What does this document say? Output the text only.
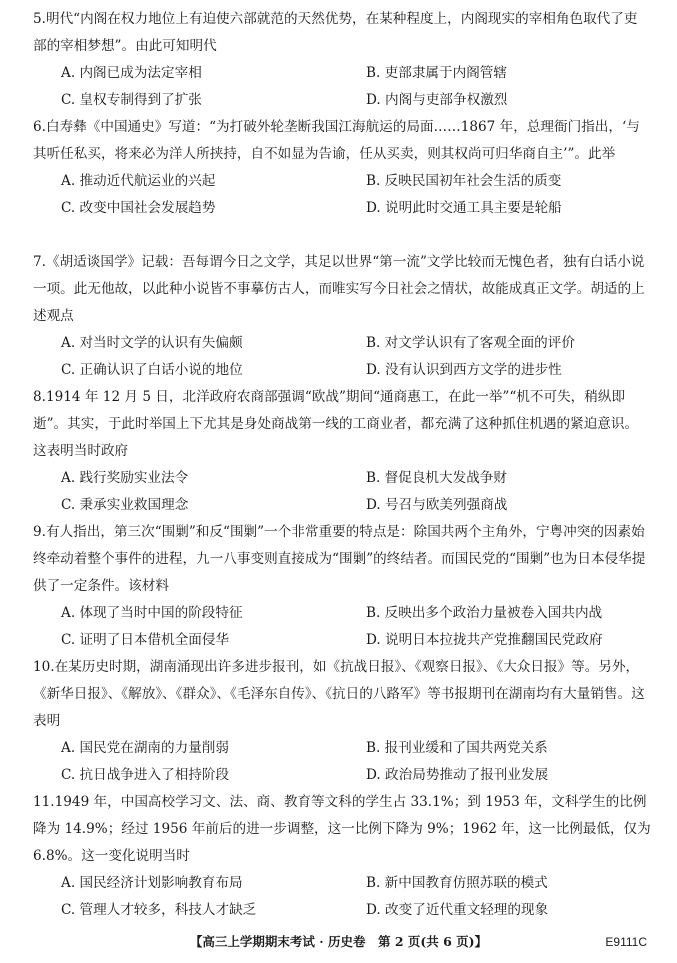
5.明代“内阁在权力地位上有迫使六部就范的天然优势，在某种程度上，内阁现实的宰相角色取代了吏部的宰相梦想”。由此可知明代
A. 内阁已成为法定宰相	B. 吏部隶属于内阁管辖
C. 皇权专制得到了扩张	D. 内阁与吏部争权激烈
6.白寿彝《中国通史》写道：“为打破外轮垄断我国江海航运的局面……1867 年，总理衙门指出，‘与其听任私买，将来必为洋人所挟持，自不如显为告谕，任从买卖，则其权尚可归华商自主’”。此举
A. 推动近代航运业的兴起	B. 反映民国初年社会生活的质变
C. 改变中国社会发展趋势	D. 说明此时交通工具主要是轮船
7.《胡适谈国学》记载：吾每谓今日之文学，其足以世界“第一流”文学比较而无愧色者，独有白话小说一项。此无他故，以此种小说皆不事摹仿古人，而唯实写今日社会之情状，故能成真正文学。胡适的上述观点
A. 对当时文学的认识有失偏颇	B. 对文学认识有了客观全面的评价
C. 正确认识了白话小说的地位	D. 没有认识到西方文学的进步性
8.1914 年 12 月 5 日，北洋政府农商部强调“欧战”期间“通商惠工，在此一举”“机不可失，稍纵即逝”。其实，于此时举国上下尤其是身处商战第一线的工商业者，都充满了这种抓住机遇的紧迫意识。这表明当时政府
A. 践行奖励实业法令	B. 督促良机大发战争财
C. 秉承实业救国理念	D. 号召与欧美列强商战
9.有人指出，第三次“围剿”和反“围剿”一个非常重要的特点是：除国共两个主角外，宁粤冲突的因素始终牵动着整个事件的进程，九一八事变则直接成为“围剿”的终结者。而国民党的“围剿”也为日本侵华提供了一定条件。该材料
A. 体现了当时中国的阶段特征	B. 反映出多个政治力量被卷入国共内战
C. 证明了日本借机全面侵华	D. 说明日本拉拢共产党推翻国民党政府
10.在某历史时期，湖南涌现出许多进步报刊，如《抗战日报》、《观察日报》、《大众日报》等。另外，《新华日报》、《解放》、《群众》、《毛泽东自传》、《抗日的八路军》等书报期刊在湖南均有大量销售。这表明
A. 国民党在湖南的力量削弱	B. 报刊业缓和了国共两党关系
C. 抗日战争进入了相持阶段	D. 政治局势推动了报刊业发展
11.1949 年，中国高校学习文、法、商、教育等文科的学生占 33.1%；到 1953 年，文科学生的比例降为 14.9%；经过 1956 年前后的进一步调整，这一比例下降为 9%；1962 年，这一比例最低，仅为 6.8%。这一变化说明当时
A. 国民经济计划影响教育布局	B. 新中国教育仿照苏联的模式
C. 管理人才较多，科技人才缺乏	D. 改变了近代重文轻理的现象
【高三上学期期末考试 · 历史卷　第 2 页(共 6 页)】	E9111C
